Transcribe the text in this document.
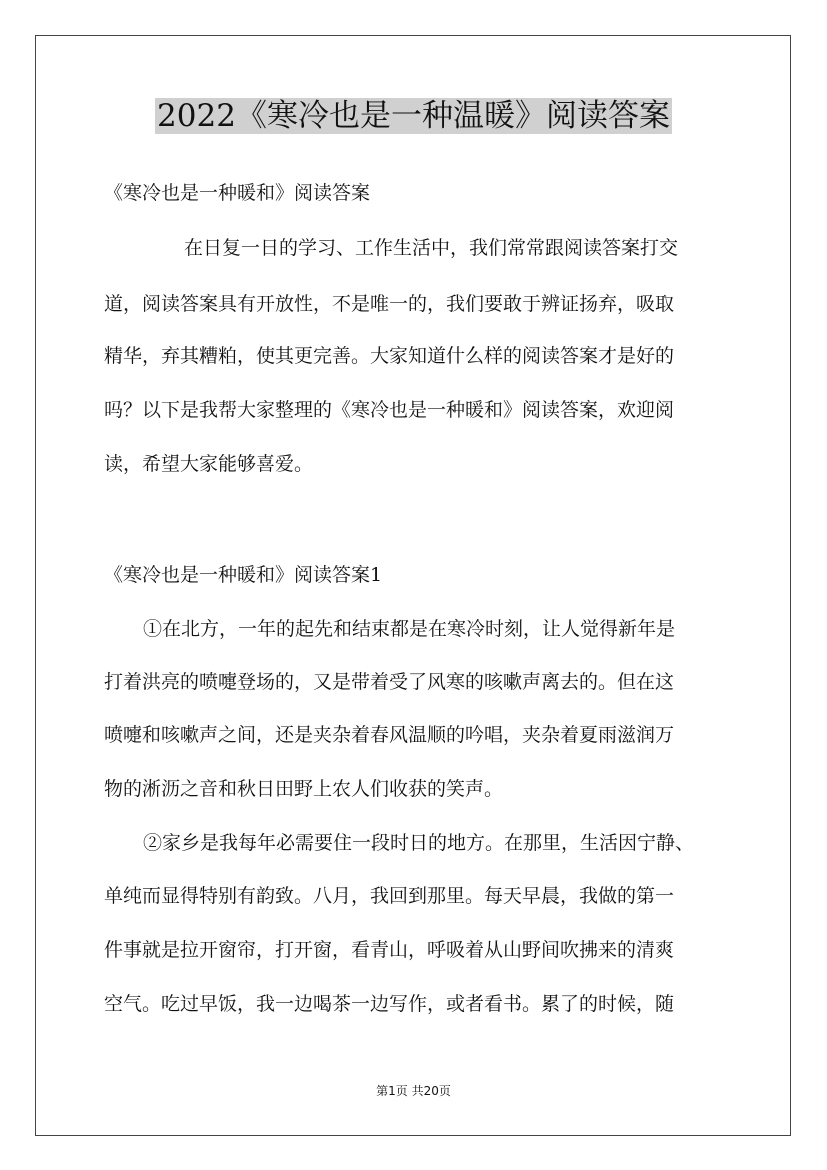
2022《寒冷也是一种温暖》阅读答案
《寒冷也是一种暖和》阅读答案
在日复一日的学习、工作生活中，我们常常跟阅读答案打交
道，阅读答案具有开放性，不是唯一的，我们要敢于辨证扬弃，吸取
精华，弃其糟粕，使其更完善。大家知道什么样的阅读答案才是好的
吗？以下是我帮大家整理的《寒冷也是一种暖和》阅读答案，欢迎阅
读，希望大家能够喜爱。
《寒冷也是一种暖和》阅读答案1
①在北方，一年的起先和结束都是在寒冷时刻，让人觉得新年是
打着洪亮的喷嚏登场的，又是带着受了风寒的咳嗽声离去的。但在这
喷嚏和咳嗽声之间，还是夹杂着春风温顺的吟唱，夹杂着夏雨滋润万
物的淅沥之音和秋日田野上农人们收获的笑声。
②家乡是我每年必需要住一段时日的地方。在那里，生活因宁静、
单纯而显得特别有韵致。八月，我回到那里。每天早晨，我做的第一
件事就是拉开窗帘，打开窗，看青山，呼吸着从山野间吹拂来的清爽
空气。吃过早饭，我一边喝茶一边写作，或者看书。累了的时候，随
第1页 共20页
